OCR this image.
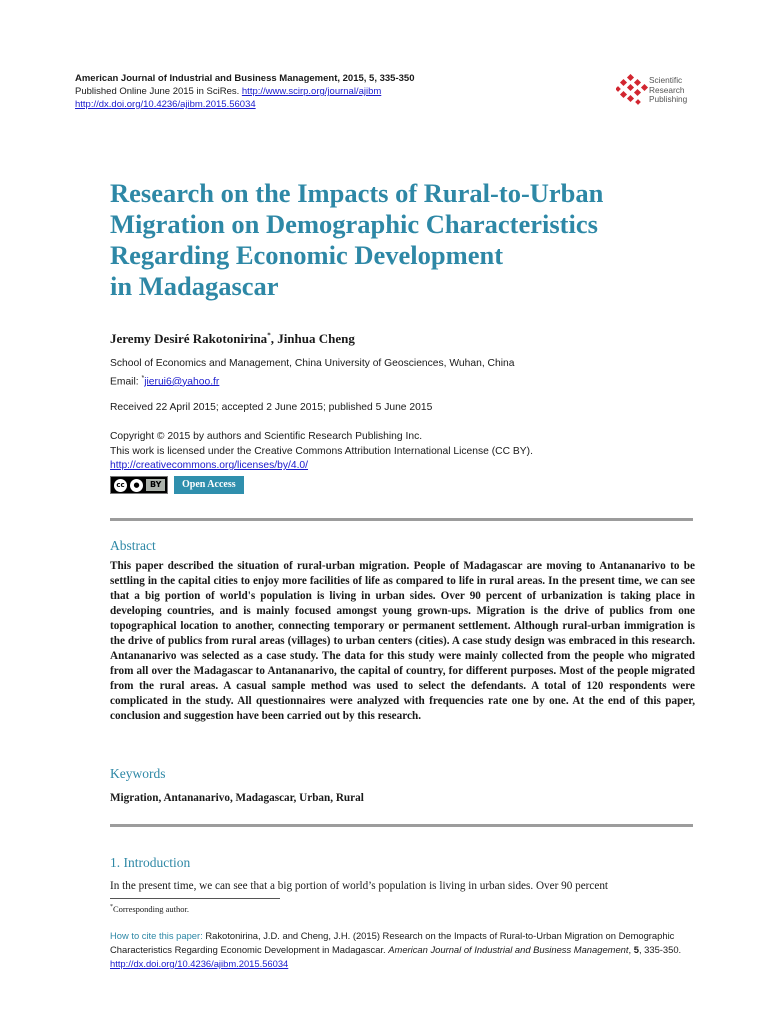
American Journal of Industrial and Business Management, 2015, 5, 335-350
Published Online June 2015 in SciRes. http://www.scirp.org/journal/ajibm
http://dx.doi.org/10.4236/ajibm.2015.56034
Scientific
Research
Publishing
Research on the Impacts of Rural-to-Urban
Migration on Demographic Characteristics
Regarding Economic Development
in Madagascar
Jeremy Desiré Rakotonirina*, Jinhua Cheng
School of Economics and Management, China University of Geosciences, Wuhan, China
Email: *jierui6@yahoo.fr
Received 22 April 2015; accepted 2 June 2015; published 5 June 2015
Copyright © 2015 by authors and Scientific Research Publishing Inc.
This work is licensed under the Creative Commons Attribution International License (CC BY).
http://creativecommons.org/licenses/by/4.0/
cc	●	BY	Open Access
Abstract

This paper described the situation of rural-urban migration. People of Madagascar are moving to Antananarivo to be settling in the capital cities to enjoy more facilities of life as compared to life in rural areas. In the present time, we can see that a big portion of world's population is living in urban sides. Over 90 percent of urbanization is taking place in developing countries, and is mainly focused amongst young grown-ups. Migration is the drive of publics from one topographical location to another, connecting temporary or permanent settlement. Although rural-urban immigration is the drive of publics from rural areas (villages) to urban centers (cities). A case study design was embraced in this research. Antananarivo was selected as a case study. The data for this study were mainly collected from the people who migrated from all over the Madagascar to Antananarivo, the capital of country, for different purposes. Most of the people migrated from the rural areas. A casual sample method was used to select the defendants. A total of 120 respondents were complicated in the study. All questionnaires were analyzed with frequencies rate one by one. At the end of this paper, conclusion and suggestion have been carried out by this research.

Keywords
Migration, Antananarivo, Madagascar, Urban, Rural
1. Introduction
In the present time, we can see that a big portion of world’s population is living in urban sides. Over 90 percent
*Corresponding author.
How to cite this paper: Rakotonirina, J.D. and Cheng, J.H. (2015) Research on the Impacts of Rural-to-Urban Migration on Demographic Characteristics Regarding Economic Development in Madagascar. American Journal of Industrial and Business Management, 5, 335-350. http://dx.doi.org/10.4236/ajibm.2015.56034
